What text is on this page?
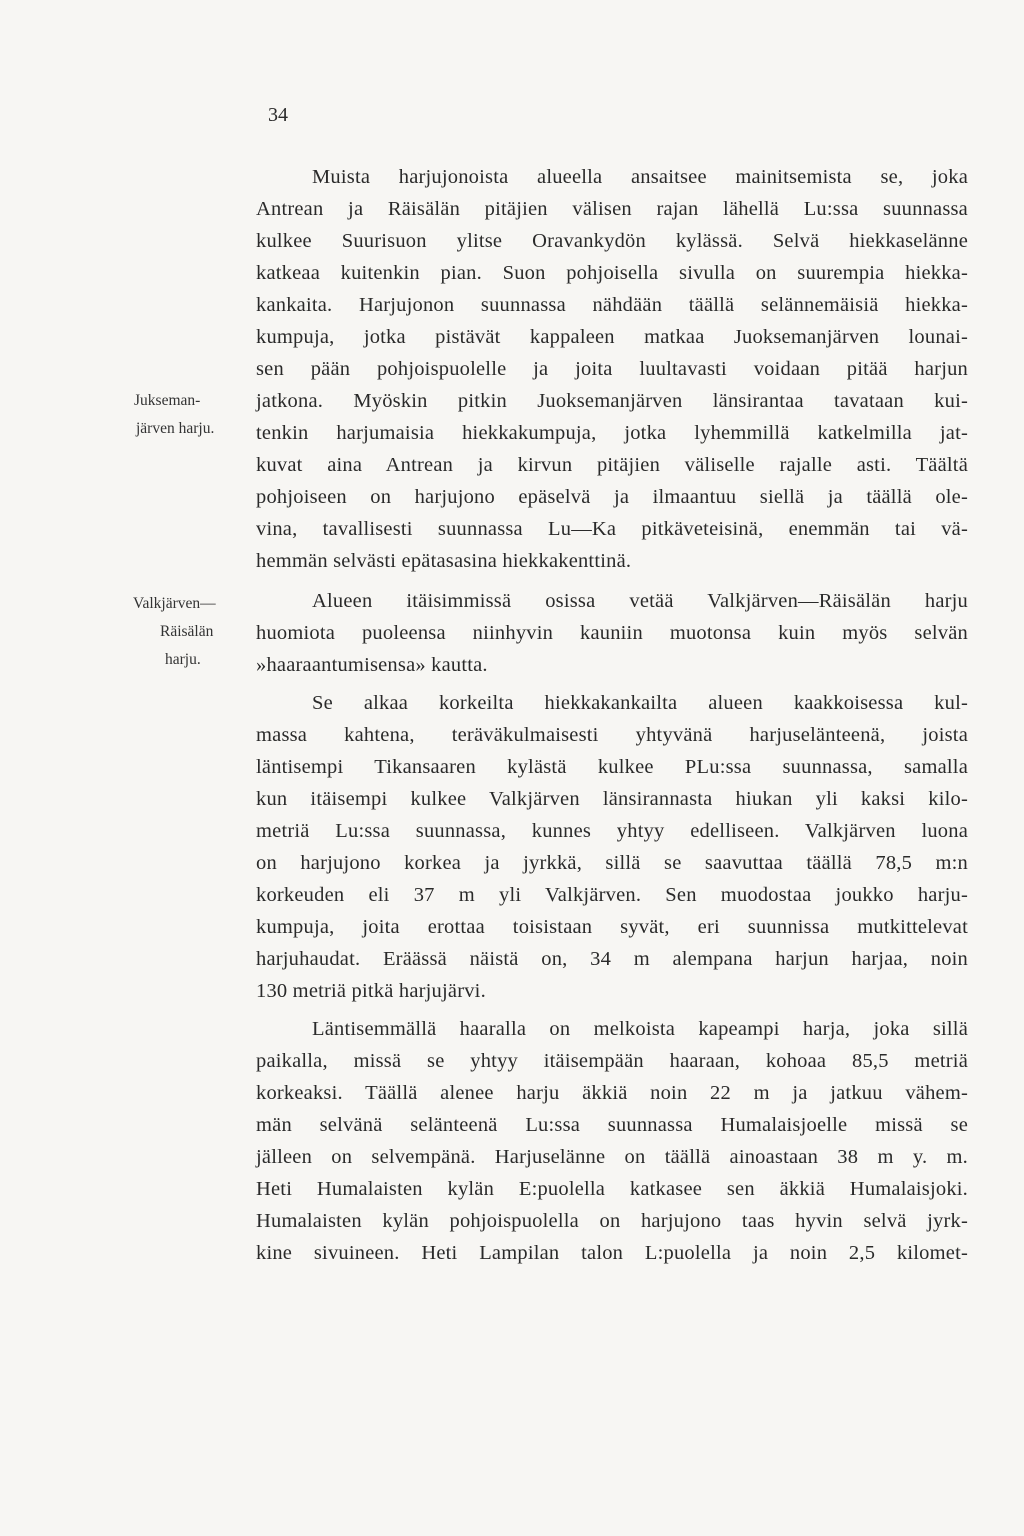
34
Jukseman-
järven harju.
Valkjärven—
Räisälän
harju.
Muista harjujonoista alueella ansaitsee mainitsemista se, joka
Antrean ja Räisälän pitäjien välisen rajan lähellä Lu:ssa suunnassa
kulkee Suurisuon ylitse Oravankydön kylässä. Selvä hiekkaselänne
katkeaa kuitenkin pian. Suon pohjoisella sivulla on suurempia hiekka-
kankaita. Harjujonon suunnassa nähdään täällä selännemäisiä hiekka-
kumpuja, jotka pistävät kappaleen matkaa Juoksemanjärven lounai-
sen pään pohjoispuolelle ja joita luultavasti voidaan pitää harjun
jatkona. Myöskin pitkin Juoksemanjärven länsirantaa tavataan kui-
tenkin harjumaisia hiekkakumpuja, jotka lyhemmillä katkelmilla jat-
kuvat aina Antrean ja kirvun pitäjien väliselle rajalle asti. Täältä
pohjoiseen on harjujono epäselvä ja ilmaantuu siellä ja täällä ole-
vina, tavallisesti suunnassa Lu—Ka pitkäveteisinä, enemmän tai vä-
hemmän selvästi epätasasina hiekkakenttinä.
Alueen itäisimmissä osissa vetää Valkjärven—Räisälän harju
huomiota puoleensa niinhyvin kauniin muotonsa kuin myös selvän
»haaraantumisensa» kautta.
Se alkaa korkeilta hiekkakankailta alueen kaakkoisessa kul-
massa kahtena, teräväkulmaisesti yhtyvänä harjuselänteenä, joista
läntisempi Tikansaaren kylästä kulkee PLu:ssa suunnassa, samalla
kun itäisempi kulkee Valkjärven länsirannasta hiukan yli kaksi kilo-
metriä Lu:ssa suunnassa, kunnes yhtyy edelliseen. Valkjärven luona
on harjujono korkea ja jyrkkä, sillä se saavuttaa täällä 78,5 m:n
korkeuden eli 37 m yli Valkjärven. Sen muodostaa joukko harju-
kumpuja, joita erottaa toisistaan syvät, eri suunnissa mutkittelevat
harjuhaudat. Eräässä näistä on, 34 m alempana harjun harjaa, noin
130 metriä pitkä harjujärvi.
Läntisemmällä haaralla on melkoista kapeampi harja, joka sillä
paikalla, missä se yhtyy itäisempään haaraan, kohoaa 85,5 metriä
korkeaksi. Täällä alenee harju äkkiä noin 22 m ja jatkuu vähem-
män selvänä selänteenä Lu:ssa suunnassa Humalaisjoelle missä se
jälleen on selvempänä. Harjuselänne on täällä ainoastaan 38 m y. m.
Heti Humalaisten kylän E:puolella katkasee sen äkkiä Humalaisjoki.
Humalaisten kylän pohjoispuolella on harjujono taas hyvin selvä jyrk-
kine sivuineen. Heti Lampilan talon L:puolella ja noin 2,5 kilomet-
